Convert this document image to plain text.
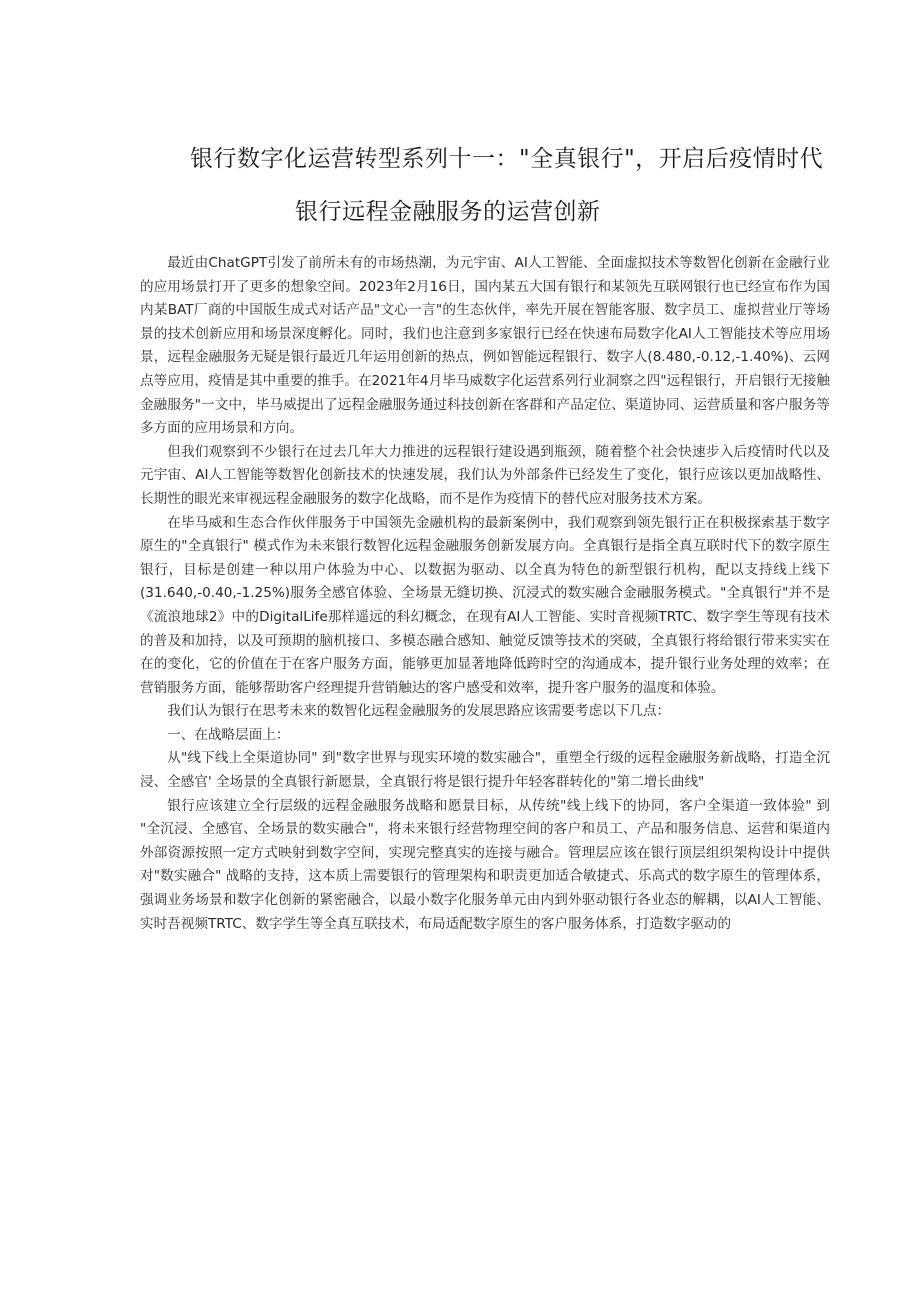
银行数字化运营转型系列十一："全真银行"，开启后疫情时代
银行远程金融服务的运营创新

最近由ChatGPT引发了前所未有的市场热潮，为元宇宙、AI人工智能、全面虚拟技术等数智化创新在金融行业的应用场景打开了更多的想象空间。2023年2月16日，国内某五大国有银行和某领先互联网银行也已经宣布作为国内某BAT厂商的中国版生成式对话产品"文心一言"的生态伙伴，率先开展在智能客服、数字员工、虚拟营业厅等场景的技术创新应用和场景深度孵化。同时，我们也注意到多家银行已经在快速布局数字化AI人工智能技术等应用场景，远程金融服务无疑是银行最近几年运用创新的热点，例如智能远程银行、数字人(8.480,-0.12,-1.40%)、云网点等应用，疫情是其中重要的推手。在2021年4月毕马威数字化运营系列行业洞察之四"远程银行，开启银行无接触金融服务"一文中，毕马威提出了远程金融服务通过科技创新在客群和产品定位、渠道协同、运营质量和客户服务等多方面的应用场景和方向。

但我们观察到不少银行在过去几年大力推进的远程银行建设遇到瓶颈，随着整个社会快速步入后疫情时代以及元宇宙、AI人工智能等数智化创新技术的快速发展，我们认为外部条件已经发生了变化，银行应该以更加战略性、长期性的眼光来审视远程金融服务的数字化战略，而不是作为疫情下的替代应对服务技术方案。

在毕马威和生态合作伙伴服务于中国领先金融机构的最新案例中，我们观察到领先银行正在积极探索基于数字原生的"全真银行" 模式作为未来银行数智化远程金融服务创新发展方向。全真银行是指全真互联时代下的数字原生银行，目标是创建一种以用户体验为中心、以数据为驱动、以全真为特色的新型银行机构，配以支持线上线下(31.640,-0.40,-1.25%)服务全感官体验、全场景无缝切换、沉浸式的数实融合金融服务模式。"全真银行"并不是《流浪地球2》中的DigitalLife那样遥远的科幻概念，在现有AI人工智能、实时音视频TRTC、数字孪生等现有技术的普及和加持，以及可预期的脑机接口、多模态融合感知、触觉反馈等技术的突破，全真银行将给银行带来实实在在的变化，它的价值在于在客户服务方面，能够更加显著地降低跨时空的沟通成本，提升银行业务处理的效率；在营销服务方面，能够帮助客户经理提升营销触达的客户感受和效率，提升客户服务的温度和体验。

我们认为银行在思考未来的数智化远程金融服务的发展思路应该需要考虑以下几点：

一、在战略层面上：

从"线下线上全渠道协同" 到"数字世界与现实环境的数实融合"，重塑全行级的远程金融服务新战略，打造全沉浸、全感官' 全场景的全真银行新愿景，全真银行将是银行提升年轻客群转化的"第二增长曲线"

银行应该建立全行层级的远程金融服务战略和愿景目标，从传统"线上线下的协同，客户全渠道一致体验" 到 "全沉浸、全感官、全场景的数实融合"，将未来银行经营物理空间的客户和员工、产品和服务信息、运营和渠道内外部资源按照一定方式映射到数字空间，实现完整真实的连接与融合。管理层应该在银行顶层组织架构设计中提供对"数实融合" 战略的支持，这本质上需要银行的管理架构和职责更加适合敏捷式、乐高式的数字原生的管理体系，强调业务场景和数字化创新的紧密融合，以最小数字化服务单元由内到外驱动银行各业态的解耦，以AI人工智能、实时吾视频TRTC、数字学生等全真互联技术，布局适配数字原生的客户服务体系，打造数字驱动的
